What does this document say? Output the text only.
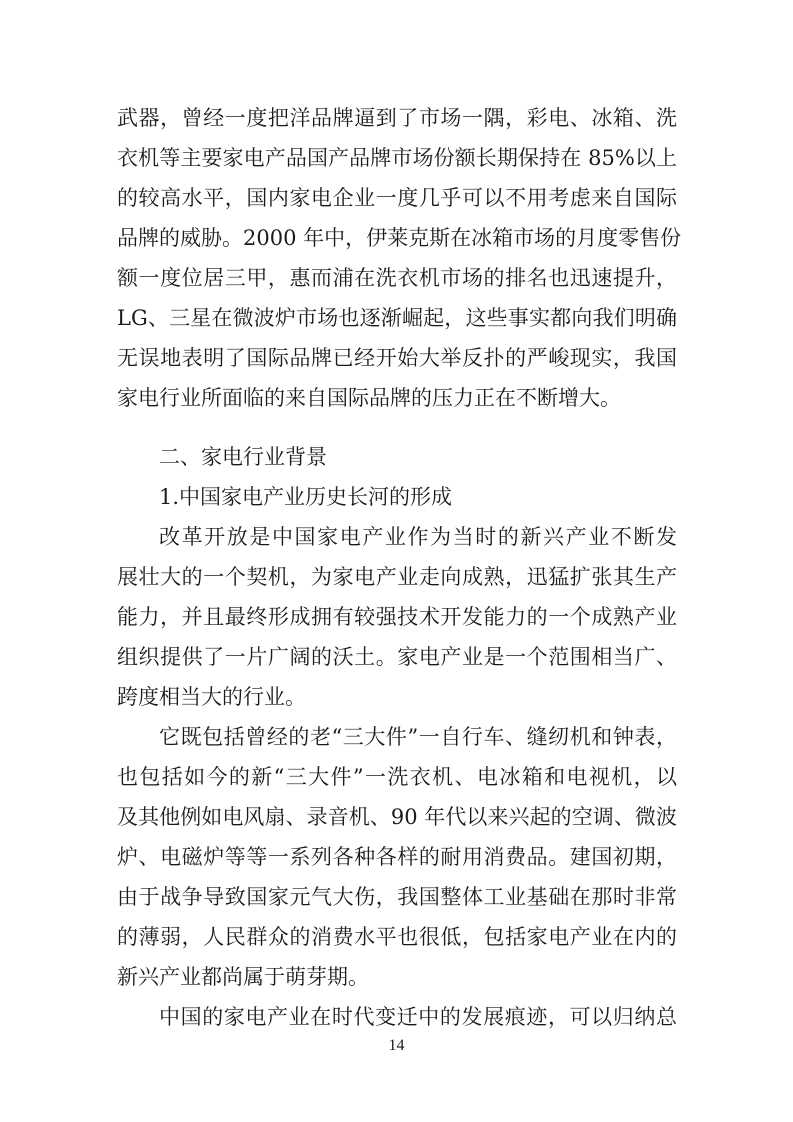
武器，曾经一度把洋品牌逼到了市场一隅，彩电、冰箱、洗
衣机等主要家电产品国产品牌市场份额长期保持在 85%以上
的较高水平，国内家电企业一度几乎可以不用考虑来自国际
品牌的威胁。2000 年中，伊莱克斯在冰箱市场的月度零售份
额一度位居三甲，惠而浦在洗衣机市场的排名也迅速提升，
LG、三星在微波炉市场也逐渐崛起，这些事实都向我们明确
无误地表明了国际品牌已经开始大举反扑的严峻现实，我国
家电行业所面临的来自国际品牌的压力正在不断增大。
二、家电行业背景
1.中国家电产业历史长河的形成
改革开放是中国家电产业作为当时的新兴产业不断发
展壮大的一个契机，为家电产业走向成熟，迅猛扩张其生产
能力，并且最终形成拥有较强技术开发能力的一个成熟产业
组织提供了一片广阔的沃土。家电产业是一个范围相当广、
跨度相当大的行业。
它既包括曾经的老“三大件”一自行车、缝纫机和钟表，
也包括如今的新“三大件”一洗衣机、电冰箱和电视机，以
及其他例如电风扇、录音机、90 年代以来兴起的空调、微波
炉、电磁炉等等一系列各种各样的耐用消费品。建国初期，
由于战争导致国家元气大伤，我国整体工业基础在那时非常
的薄弱，人民群众的消费水平也很低，包括家电产业在内的
新兴产业都尚属于萌芽期。
中国的家电产业在时代变迁中的发展痕迹，可以归纳总
14
